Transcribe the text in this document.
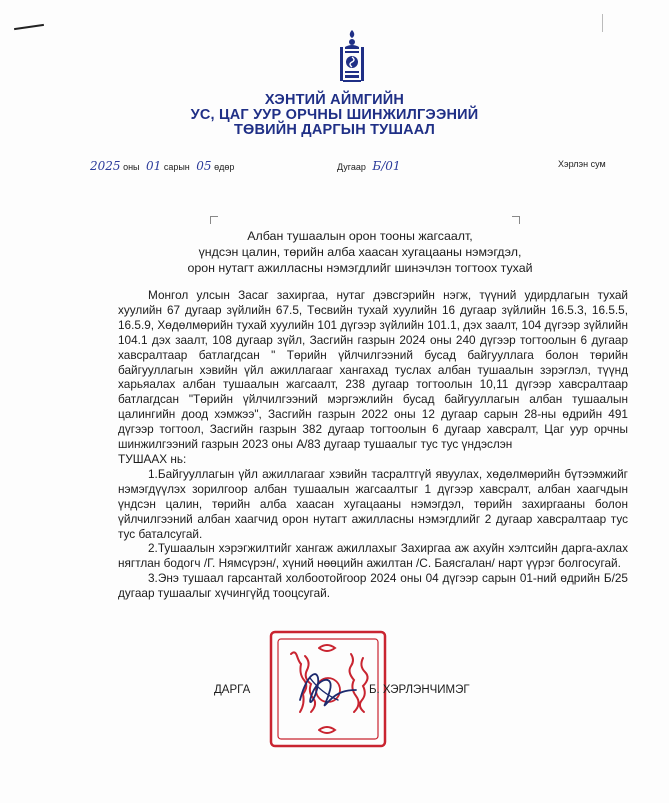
ХЭНТИЙ АЙМГИЙН
УС, ЦАГ УУР ОРЧНЫ ШИНЖИЛГЭЭНИЙ
ТӨВИЙН ДАРГЫН ТУШААЛ
2025 оны 01 сарын 05 өдөр	Дугаар Б/01	Хэрлэн сум
Албан тушаалын орон тооны жагсаалт,
үндсэн цалин, төрийн алба хаасан хугацааны нэмэгдэл,
орон нутагт ажилласны нэмэгдлийг шинэчлэн тогтоох тухай

Монгол улсын Засаг захиргаа, нутаг дэвсгэрийн нэгж, түүний удирдлагын тухай хуулийн 67 дугаар зүйлийн 67.5, Төсвийн тухай хуулийн 16 дугаар зүйлийн 16.5.3, 16.5.5, 16.5.9, Хөдөлмөрийн тухай хуулийн 101 дүгээр зүйлийн 101.1, дэх заалт, 104 дүгээр зүйлийн 104.1 дэх заалт, 108 дугаар зүйл, Засгийн газрын 2024 оны 240 дүгээр тогтоолын 6 дугаар хавсралтаар батлагдсан " Төрийн үйлчилгээний бусад байгууллага болон төрийн байгууллагын хэвийн үйл ажиллагааг хангахад туслах албан тушаалын зэрэглэл, түүнд харьяалах албан тушаалын жагсаалт, 238 дугаар тогтоолын 10,11 дүгээр хавсралтаар батлагдсан "Төрийн үйлчилгээний мэргэжлийн бусад байгууллагын албан тушаалын цалингийн доод хэмжээ", Засгийн газрын 2022 оны 12 дугаар сарын 28-ны өдрийн 491 дүгээр тогтоол, Засгийн газрын 382 дугаар тогтоолын 6 дугаар хавсралт, Цаг уур орчны шинжилгээний газрын 2023 оны А/83 дугаар тушаалыг тус тус үндэслэн

ТУШААХ нь:

1.Байгууллагын үйл ажиллагааг хэвийн тасралтгүй явуулах, хөдөлмөрийн бүтээмжийг нэмэгдүүлэх зорилгоор албан тушаалын жагсаалтыг 1 дүгээр хавсралт, албан хаагчдын үндсэн цалин, төрийн алба хаасан хугацааны нэмэгдэл, төрийн захиргааны болон үйлчилгээний албан хаагчид орон нутагт ажилласны нэмэгдлийг 2 дугаар хавсралтаар тус тус баталсугай.

2.Тушаалын хэрэгжилтийг хангаж ажиллахыг Захиргаа аж ахуйн хэлтсийн дарга-ахлах нягтлан бодогч /Г. Нямсүрэн/, хүний нөөцийн ажилтан /С. Баясгалан/ нарт үүрэг болгосугай.

3.Энэ тушаал гарсантай холбоотойгоор 2024 оны 04 дүгээр сарын 01-ний өдрийн Б/25 дугаар тушаалыг хүчингүйд тооцсугай.

ДАРГА	Б. ХЭРЛЭНЧИМЭГ
